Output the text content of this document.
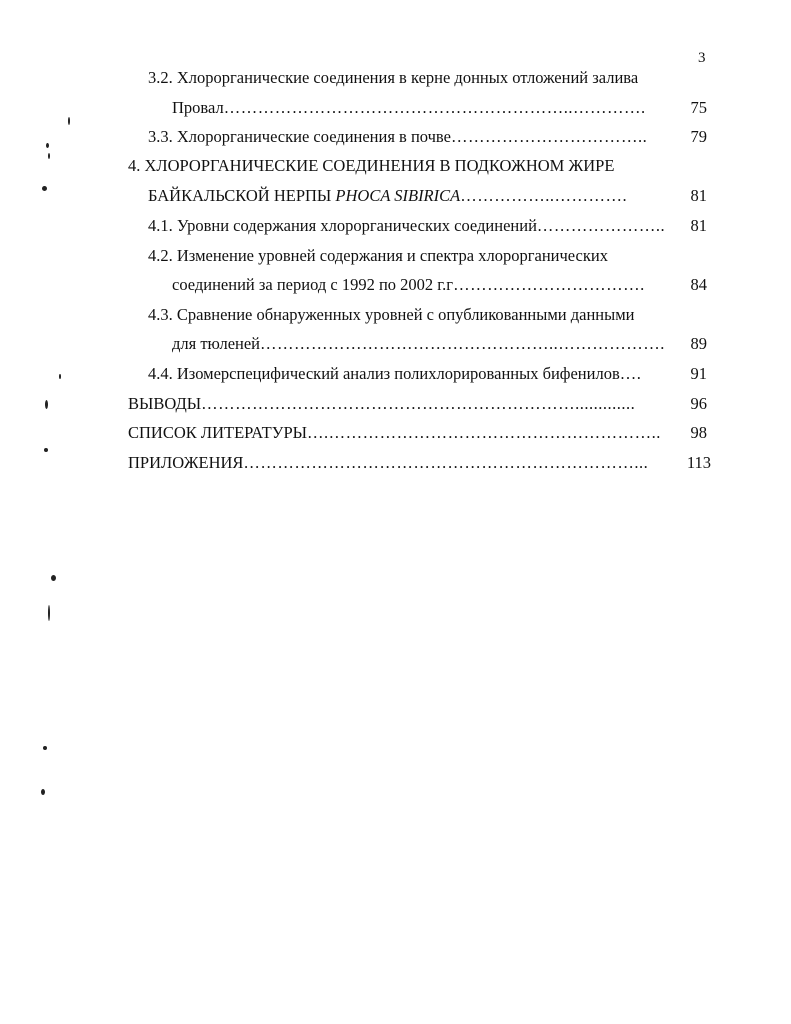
3
3.2. Хлорорганические соединения в керне донных отложений залива
Провал……………………………………………………..………….	75
3.3. Хлорорганические соединения в почве……………………………..	79
4. ХЛОРОРГАНИЧЕСКИЕ СОЕДИНЕНИЯ В ПОДКОЖНОМ ЖИРЕ
БАЙКАЛЬСКОЙ НЕРПЫ PHOCA SIBIRICA……………..………….	81
4.1. Уровни содержания хлорорганических соединений…………………..	81
4.2. Изменение уровней содержания и спектра хлорорганических
соединений за период с 1992 по 2002 г.г…………………………….	84
4.3. Сравнение обнаруженных уровней с опубликованными данными
для тюленей……………………………………………..……………….	89
4.4. Изомерспецифический анализ полихлорированных бифенилов….	91
ВЫВОДЫ………………………………………………………….............	96
СПИСОК ЛИТЕРАТУРЫ….…………………………………………………..	98
ПРИЛОЖЕНИЯ……………………………………………………………...	113
